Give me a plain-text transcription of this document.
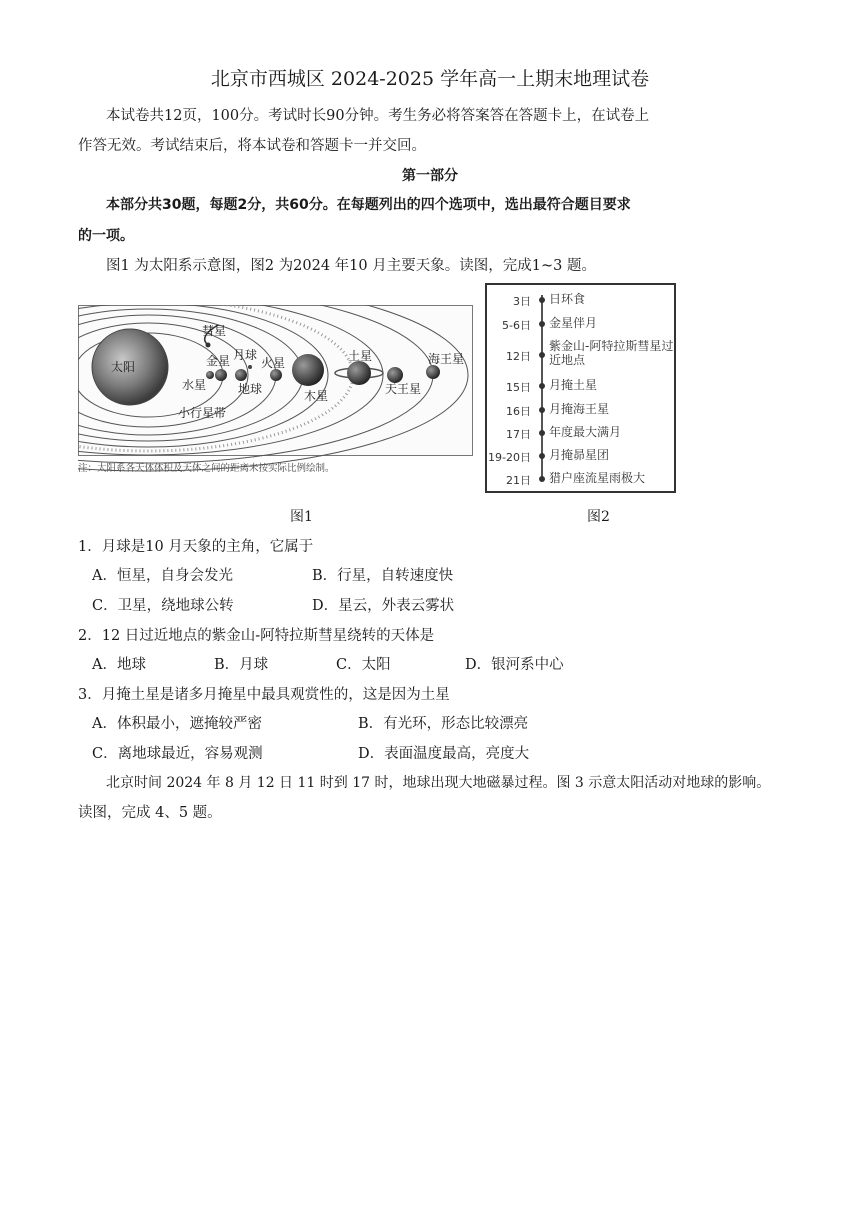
北京市西城区 2024-2025 学年高一上期末地理试卷
本试卷共12页，100分。考试时长90分钟。考生务必将答案答在答题卡上，在试卷上
作答无效。考试结束后，将本试卷和答题卡一并交回。
第一部分
本部分共30题，每题2分，共60分。在每题列出的四个选项中，选出最符合题目要求
的一项。
图1 为太阳系示意图，图2 为2024 年10 月主要天象。读图，完成1~3 题。
太阳
彗星
水星
金星 月球
地球
火星
木星
土星
天王星
海王星
小行星带
注：太阳系各天体体积及天体之间的距离未按实际比例绘制。
3日 日环食
5-6日 金星伴月
12日
紫金山-阿特拉斯彗星过近地点
15日 月掩土星
16日 月掩海王星
17日 年度最大满月
19-20日 月掩昴星团
21日 猎户座流星雨极大
图1	图2
1．月球是10 月天象的主角，它属于
A．恒星，自身会发光	B．行星，自转速度快
C．卫星，绕地球公转	D．星云，外表云雾状
2．12 日过近地点的紫金山-阿特拉斯彗星绕转的天体是
A．地球	B．月球	C．太阳	D．银河系中心
3．月掩土星是诸多月掩星中最具观赏性的，这是因为土星
A．体积最小，遮掩较严密	B．有光环，形态比较漂亮
C．离地球最近，容易观测	D．表面温度最高，亮度大
北京时间 2024 年 8 月 12 日 11 时到 17 时，地球出现大地磁暴过程。图 3 示意太阳活动对地球的影响。
读图，完成 4、5 题。
